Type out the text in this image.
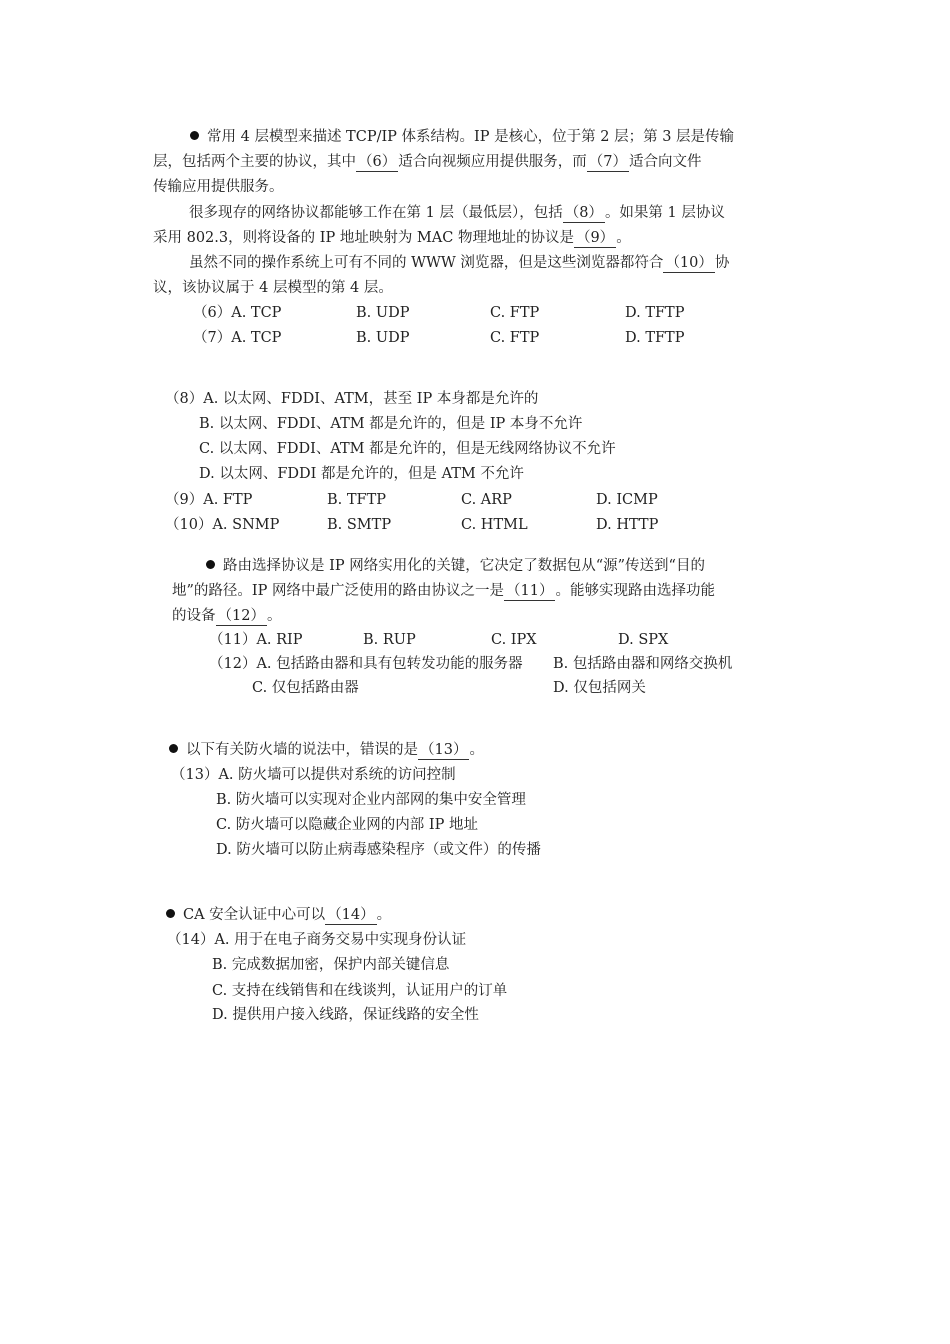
常用 4 层模型来描述 TCP/IP 体系结构。IP 是核心，位于第 2 层；第 3 层是传输
层，包括两个主要的协议，其中 （6） 适合向视频应用提供服务，而 （7） 适合向文件
传输应用提供服务。
很多现存的网络协议都能够工作在第 1 层（最低层），包括 （8） 。如果第 1 层协议
采用 802.3，则将设备的 IP 地址映射为 MAC 物理地址的协议是 （9） 。
虽然不同的操作系统上可有不同的 WWW 浏览器，但是这些浏览器都符合 （10） 协
议，该协议属于 4 层模型的第 4 层。
（6）A. TCP	B. UDP	C. FTP	D. TFTP
（7）A. TCP	B. UDP	C. FTP	D. TFTP
（8）A. 以太网、FDDI、ATM，甚至 IP 本身都是允许的
B. 以太网、FDDI、ATM 都是允许的，但是 IP 本身不允许
C. 以太网、FDDI、ATM 都是允许的，但是无线网络协议不允许
D. 以太网、FDDI 都是允许的，但是 ATM 不允许
（9）A. FTP	B. TFTP	C. ARP	D. ICMP
（10）A. SNMP	B. SMTP	C. HTML	D. HTTP
路由选择协议是 IP 网络实用化的关键，它决定了数据包从“源”传送到“目的
地”的路径。IP 网络中最广泛使用的路由协议之一是 （11） 。能够实现路由选择功能
的设备 （12） 。
（11）A. RIP	B. RUP	C. IPX	D. SPX
（12）A. 包括路由器和具有包转发功能的服务器 B. 包括路由器和网络交换机
C. 仅包括路由器	D. 仅包括网关
以下有关防火墙的说法中，错误的是 （13） 。
（13）A. 防火墙可以提供对系统的访问控制
B. 防火墙可以实现对企业内部网的集中安全管理
C. 防火墙可以隐藏企业网的内部 IP 地址
D. 防火墙可以防止病毒感染程序（或文件）的传播
CA 安全认证中心可以 （14） 。
（14）A. 用于在电子商务交易中实现身份认证
B. 完成数据加密，保护内部关键信息
C. 支持在线销售和在线谈判，认证用户的订单
D. 提供用户接入线路，保证线路的安全性
